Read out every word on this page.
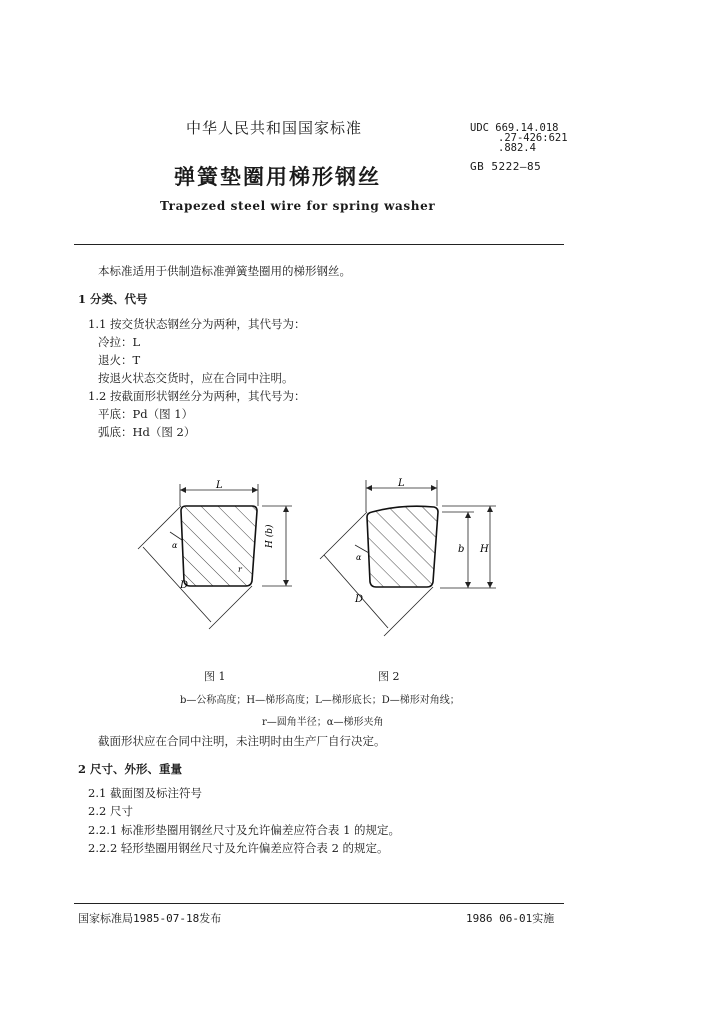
中华人民共和国国家标准	UDC 669.14.018
.27-426:621
.882.4
GB 5222—85
弹簧垫圈用梯形钢丝
Trapezed steel wire for spring washer
本标准适用于供制造标准弹簧垫圈用的梯形钢丝。
1 分类、代号
1.1 按交货状态钢丝分为两种，其代号为：
冷拉：L
退火：T
按退火状态交货时，应在合同中注明。
1.2 按截面形状钢丝分为两种，其代号为：
平底：Pd（图 1）
弧底：Hd（图 2）
L
H (b)
D
α
r
L
b H
D
α
图 1	图 2
b—公称高度；H—梯形高度；L—梯形底长；D—梯形对角线；
r—圆角半径；α—梯形夹角
截面形状应在合同中注明，未注明时由生产厂自行决定。
2 尺寸、外形、重量
2.1 截面图及标注符号
2.2 尺寸
2.2.1 标准形垫圈用钢丝尺寸及允许偏差应符合表 1 的规定。
2.2.2 轻形垫圈用钢丝尺寸及允许偏差应符合表 2 的规定。
国家标准局1985-07-18发布	1986 06-01实施
